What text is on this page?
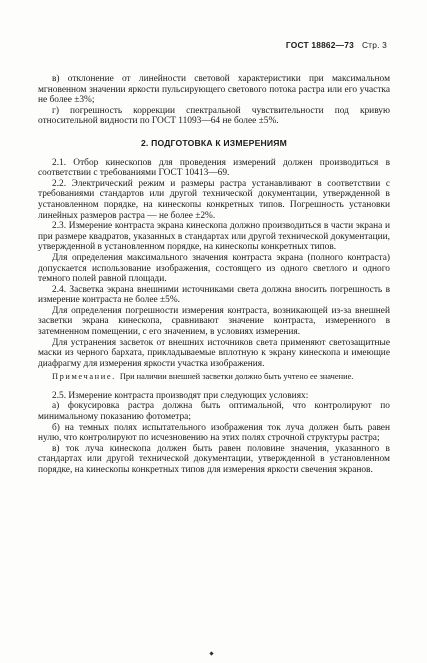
ГОСТ 18862—73 Стр. 3

в) отклонение от линейности световой характеристики при максимальном мгновенном значении яркости пульсирующего светового потока растра или его участка не более ±3%;

г) погрешность коррекции спектральной чувствительности под кривую относительной видности по ГОСТ 11093—64 не более ±5%.

2. ПОДГОТОВКА К ИЗМЕРЕНИЯМ

2.1. Отбор кинескопов для проведения измерений должен производиться в соответствии с требованиями ГОСТ 10413—69.

2.2. Электрический режим и размеры растра устанавливают в соответствии с требованиями стандартов или другой технической документации, утвержденной в установленном порядке, на кинескопы конкретных типов. Погрешность установки линейных размеров растра — не более ±2%.

2.3. Измерение контраста экрана кинескопа должно производиться в части экрана и при размере квадратов, указанных в стандартах или другой технической документации, утвержденной в установленном порядке, на кинескопы конкретных типов.

Для определения максимального значения контраста экрана (полного контраста) допускается использование изображения, состоящего из одного светлого и одного темного полей равной площади.

2.4. Засветка экрана внешними источниками света должна вносить погрешность в измерение контраста не более ±5%.

Для определения погрешности измерения контраста, возникающей из-за внешней засветки экрана кинескопа, сравнивают значение контраста, измеренного в затемненном помещении, с его значением, в условиях измерения.

Для устранения засветок от внешних источников света применяют светозащитные маски из черного бархата, прикладываемые вплотную к экрану кинескопа и имеющие диафрагму для измерения яркости участка изображения.

Примечание. При наличии внешней засветки должно быть учтено ее значение.

2.5. Измерение контраста производят при следующих условиях:

а) фокусировка растра должна быть оптимальной, что контролируют по минимальному показанию фотометра;

б) на темных полях испытательного изображения ток луча должен быть равен нулю, что контролируют по исчезновению на этих полях строчной структуры растра;

в) ток луча кинескопа должен быть равен половине значения, указанного в стандартах или другой технической документации, утвержденной в установленном порядке, на кинескопы конкретных типов для измерения яркости свечения экранов.
